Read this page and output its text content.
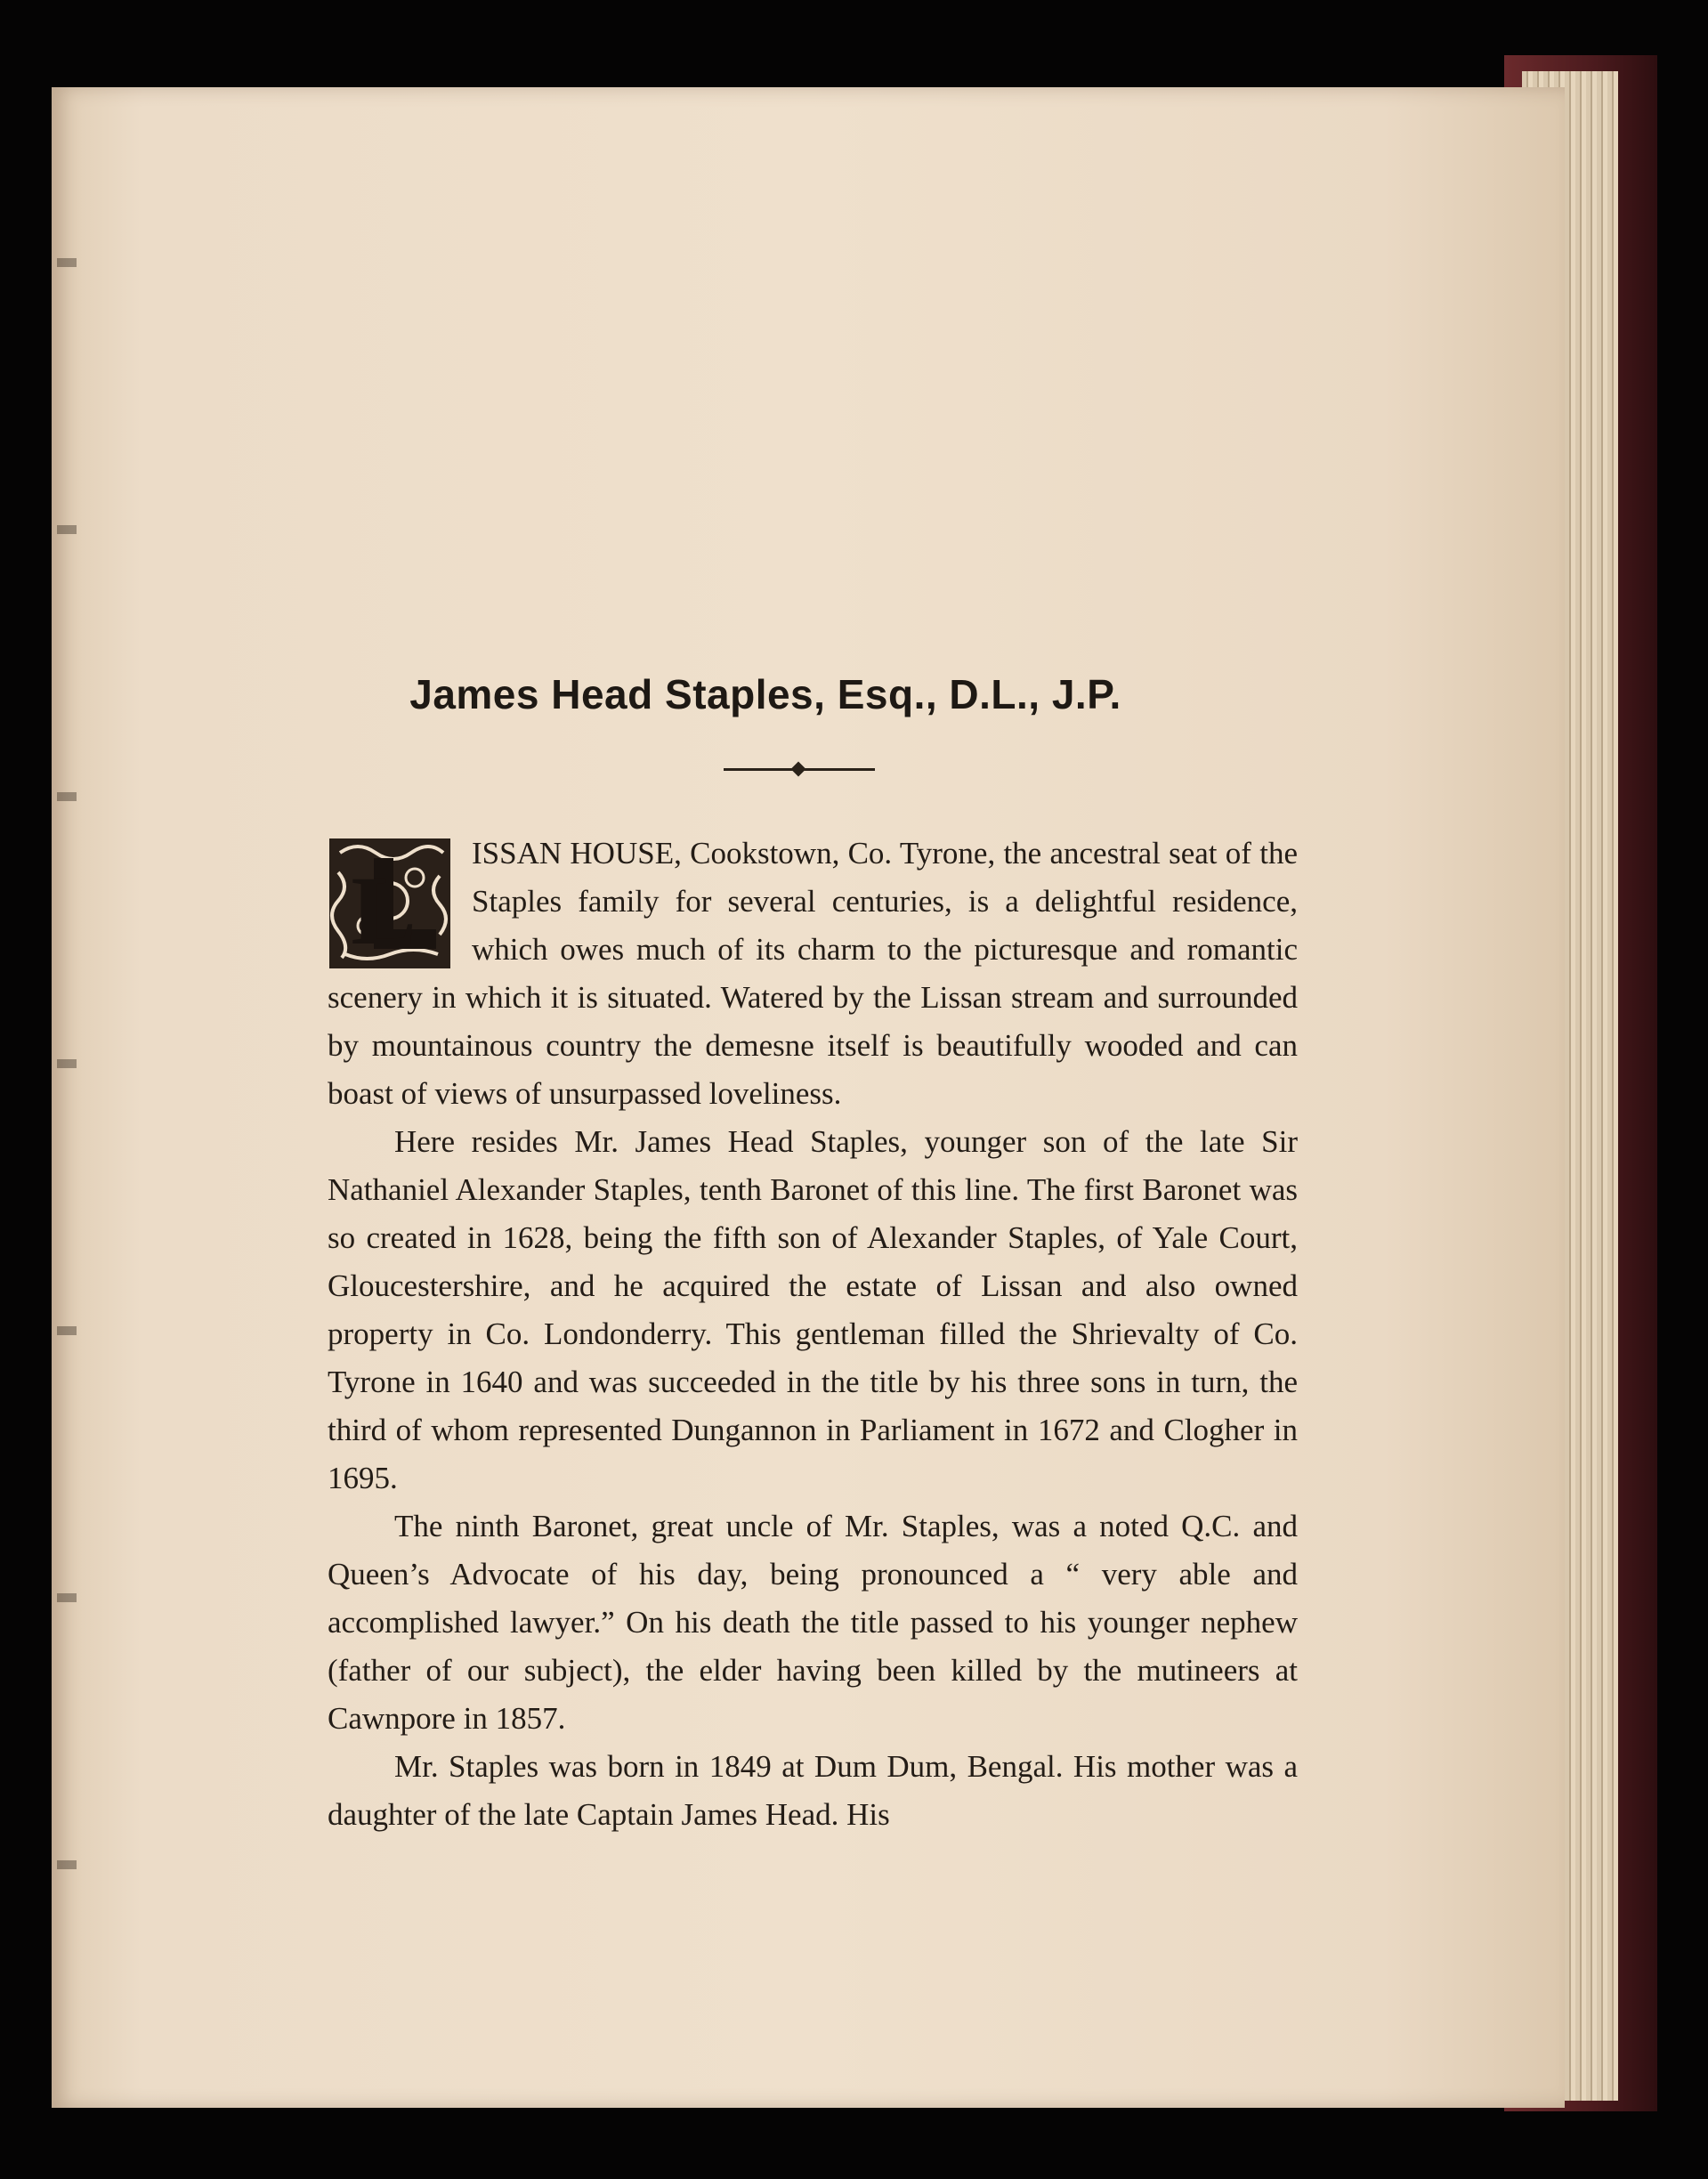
James Head Staples, Esq., D.L., J.P.

L
ISSAN HOUSE, Cookstown, Co. Tyrone, the ancestral seat of the Staples family for several centuries, is a delightful residence, which owes much of its charm to the picturesque and romantic scenery in which it is situated. Watered by the Lissan stream and surrounded by mountainous country the demesne itself is beautifully wooded and can boast of views of unsurpassed loveliness.

Here resides Mr. James Head Staples, younger son of the late Sir Nathaniel Alexander Staples, tenth Baronet of this line. The first Baronet was so created in 1628, being the fifth son of Alexander Staples, of Yale Court, Gloucestershire, and he acquired the estate of Lissan and also owned property in Co. Londonderry. This gentleman filled the Shrievalty of Co. Tyrone in 1640 and was succeeded in the title by his three sons in turn, the third of whom represented Dungannon in Parliament in 1672 and Clogher in 1695.

The ninth Baronet, great uncle of Mr. Staples, was a noted Q.C. and Queen’s Advocate of his day, being pronounced a “ very able and accomplished lawyer.” On his death the title passed to his younger nephew (father of our subject), the elder having been killed by the mutineers at Cawnpore in 1857.

Mr. Staples was born in 1849 at Dum Dum, Bengal. His mother was a daughter of the late Captain James Head. His
